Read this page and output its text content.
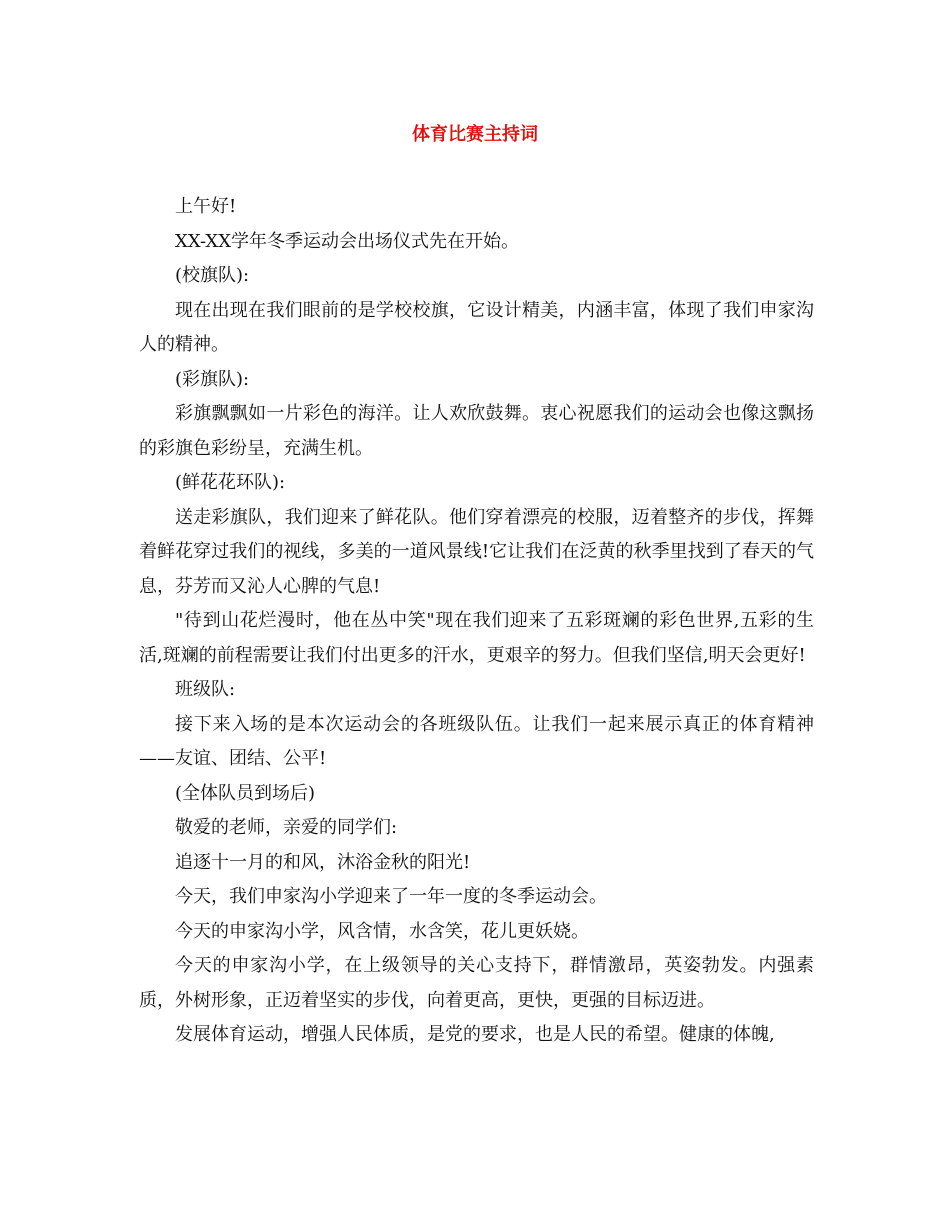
体育比赛主持词

上午好!

XX-XX学年冬季运动会出场仪式先在开始。

(校旗队):

现在出现在我们眼前的是学校校旗，它设计精美，内涵丰富，体现了我们申家沟人的精神。

(彩旗队):

彩旗飘飘如一片彩色的海洋。让人欢欣鼓舞。衷心祝愿我们的运动会也像这飘扬的彩旗色彩纷呈，充满生机。

(鲜花花环队):

送走彩旗队，我们迎来了鲜花队。他们穿着漂亮的校服，迈着整齐的步伐，挥舞着鲜花穿过我们的视线，多美的一道风景线!它让我们在泛黄的秋季里找到了春天的气息，芬芳而又沁人心脾的气息!

"待到山花烂漫时，他在丛中笑"现在我们迎来了五彩斑斓的彩色世界,五彩的生活,斑斓的前程需要让我们付出更多的汗水，更艰辛的努力。但我们坚信,明天会更好!

班级队:

接下来入场的是本次运动会的各班级队伍。让我们一起来展示真正的体育精神——友谊、团结、公平!

(全体队员到场后)

敬爱的老师，亲爱的同学们:

追逐十一月的和风，沐浴金秋的阳光!

今天，我们申家沟小学迎来了一年一度的冬季运动会。

今天的申家沟小学，风含情，水含笑，花儿更妖娆。

今天的申家沟小学，在上级领导的关心支持下，群情激昂，英姿勃发。内强素质，外树形象，正迈着坚实的步伐，向着更高，更快，更强的目标迈进。

发展体育运动，增强人民体质，是党的要求，也是人民的希望。健康的体魄,
